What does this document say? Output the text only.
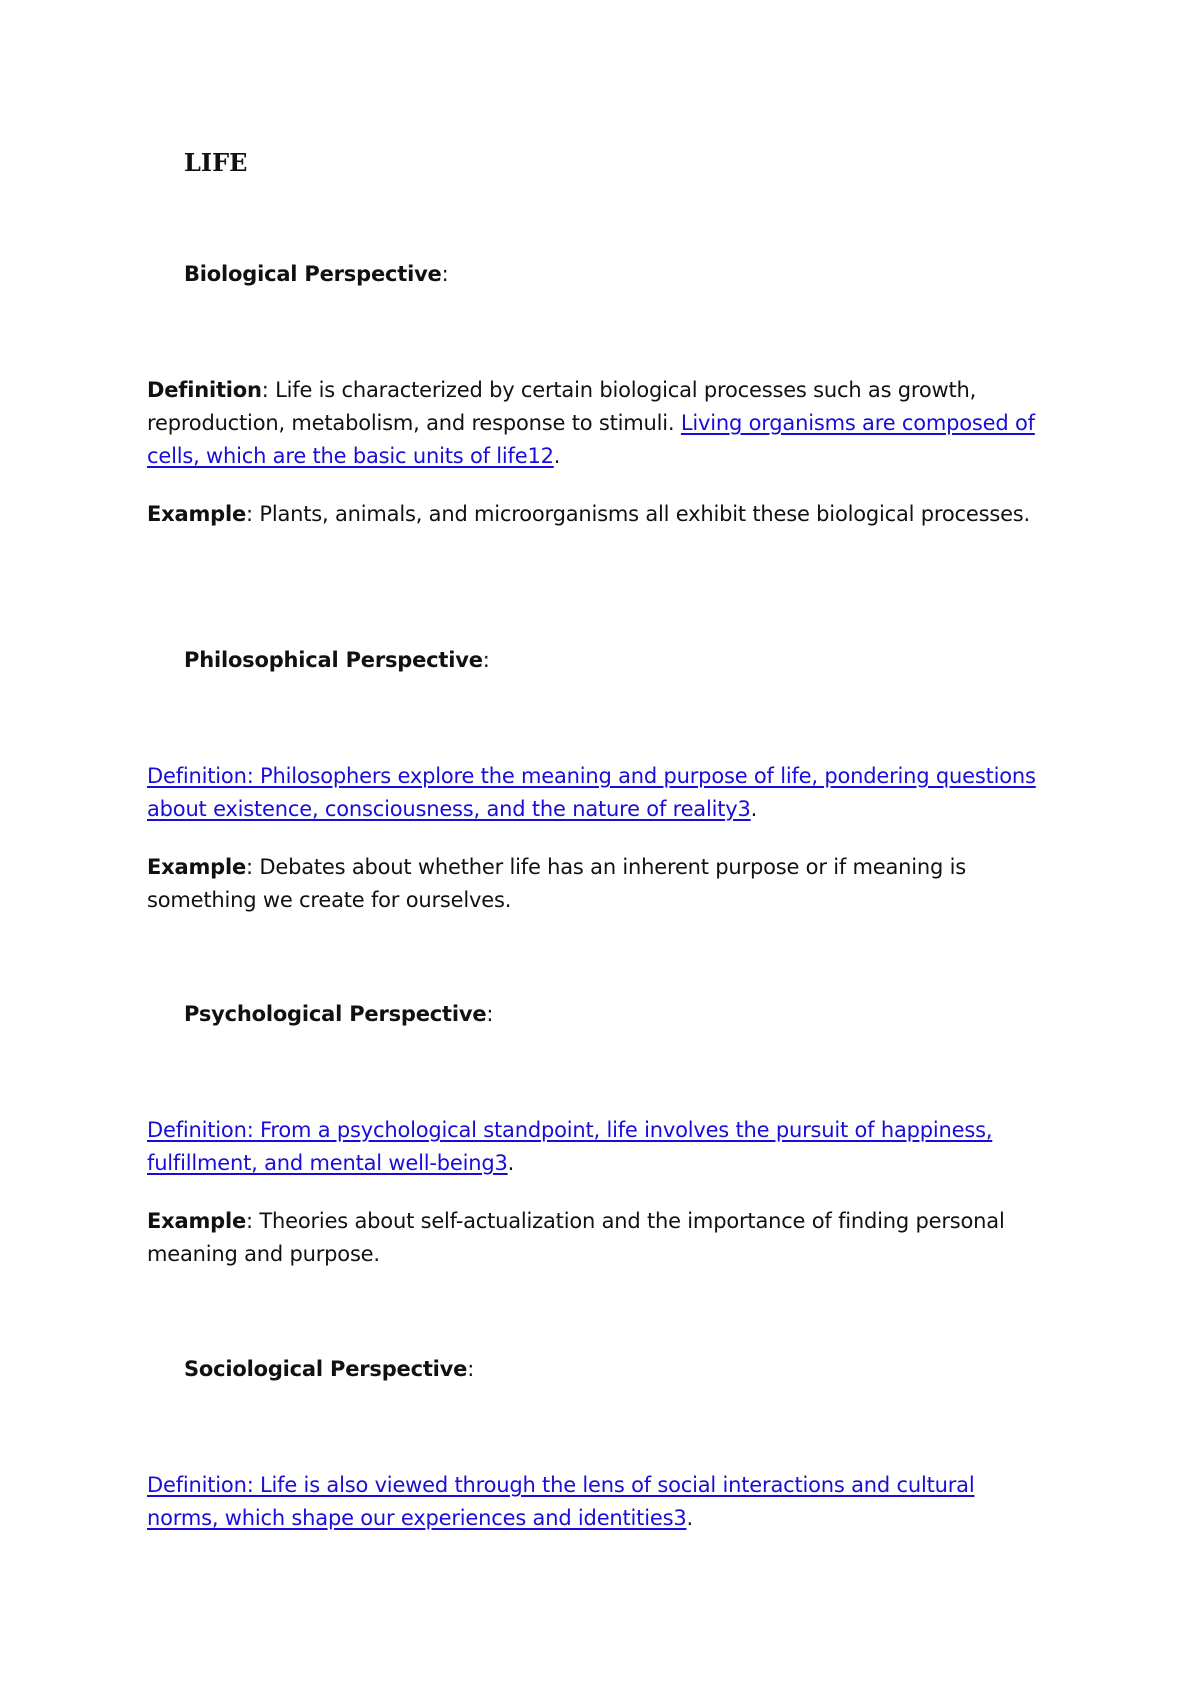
LIFE

Biological Perspective:

Definition: Life is characterized by certain biological processes such as growth, reproduction, metabolism, and response to stimuli. Living organisms are composed of cells, which are the basic units of life12.

Example: Plants, animals, and microorganisms all exhibit these biological processes.

Philosophical Perspective:

Definition: Philosophers explore the meaning and purpose of life, pondering questions about existence, consciousness, and the nature of reality3.

Example: Debates about whether life has an inherent purpose or if meaning is something we create for ourselves.

Psychological Perspective:

Definition: From a psychological standpoint, life involves the pursuit of happiness, fulfillment, and mental well-being3.

Example: Theories about self-actualization and the importance of finding personal meaning and purpose.

Sociological Perspective:

Definition: Life is also viewed through the lens of social interactions and cultural norms, which shape our experiences and identities3.
